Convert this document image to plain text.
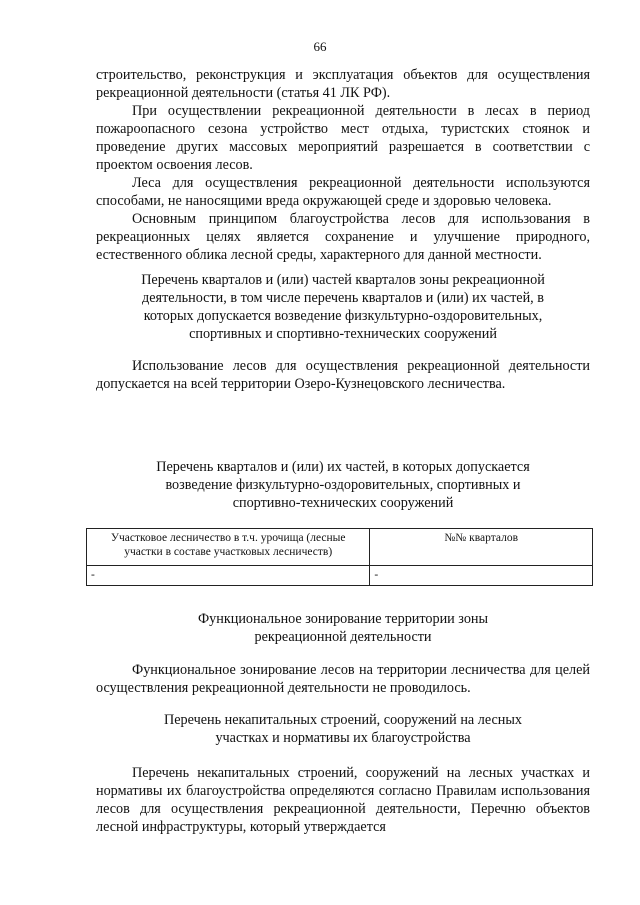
66

строительство, реконструкция и эксплуатация объектов для осуществления рекреационной деятельности (статья 41 ЛК РФ).

При осуществлении рекреационной деятельности в лесах в период пожароопасного сезона устройство мест отдыха, туристских стоянок и проведение других массовых мероприятий разрешается в соответствии с проектом освоения лесов.

Леса для осуществления рекреационной деятельности используются способами, не наносящими вреда окружающей среде и здоровью человека.

Основным принципом благоустройства лесов для использования в рекреационных целях является сохранение и улучшение природного, естественного облика лесной среды, характерного для данной местности.

Перечень кварталов и (или) частей кварталов зоны рекреационной деятельности, в том числе перечень кварталов и (или) их частей, в которых допускается возведение физкультурно-оздоровительных, спортивных и спортивно-технических сооружений

Использование лесов для осуществления рекреационной деятельности допускается на всей территории Озеро-Кузнецовского лесничества.

Перечень кварталов и (или) их частей, в которых допускается возведение физкультурно-оздоровительных, спортивных и спортивно-технических сооружений

Участковое лесничество в т.ч. урочища (лесные участки в составе участковых лесничеств)	№№ кварталов
-	-

Функциональное зонирование территории зоны рекреационной деятельности

Функциональное зонирование лесов на территории лесничества для целей осуществления рекреационной деятельности не проводилось.

Перечень некапитальных строений, сооружений на лесных участках и нормативы их благоустройства

Перечень некапитальных строений, сооружений на лесных участках и нормативы их благоустройства определяются согласно Правилам использования лесов для осуществления рекреационной деятельности, Перечню объектов лесной инфраструктуры, который утверждается
